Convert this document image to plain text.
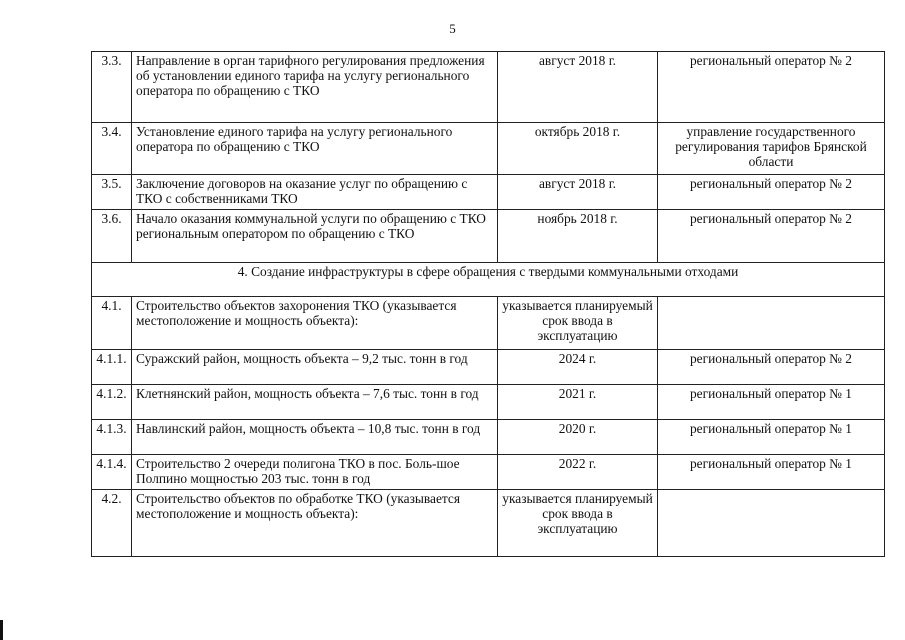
5
3.3.	Направление в орган тарифного регулирования предложения об установлении единого тарифа на услугу регионального оператора по обращению с ТКО	август 2018 г.	региональный оператор № 2
3.4.	Установление единого тарифа на услугу регионального оператора по обращению с ТКО	октябрь 2018 г.	управление государственного регулирования тарифов Брянской области
3.5.	Заключение договоров на оказание услуг по обращению с ТКО с собственниками ТКО	август 2018 г.	региональный оператор № 2
3.6.	Начало оказания коммунальной услуги по обращению с ТКО региональным оператором по обращению с ТКО	ноябрь 2018 г.	региональный оператор № 2
4. Создание инфраструктуры в сфере обращения с твердыми коммунальными отходами			
4.1.	Строительство объектов захоронения ТКО (указывается местоположение и мощность объекта):	указывается планируемый срок ввода в эксплуатацию	
4.1.1.	Суражский район, мощность объекта – 9,2 тыс. тонн в год	2024 г.	региональный оператор № 2
4.1.2.	Клетнянский район, мощность объекта – 7,6 тыс. тонн в год	2021 г.	региональный оператор № 1
4.1.3.	Навлинский район, мощность объекта – 10,8 тыс. тонн в год	2020 г.	региональный оператор № 1
4.1.4.	Строительство 2 очереди полигона ТКО в пос. Боль-шое Полпино мощностью 203 тыс. тонн в год	2022 г.	региональный оператор № 1
4.2.	Строительство объектов по обработке ТКО (указывается местоположение и мощность объекта):	указывается планируемый срок ввода в эксплуатацию	
